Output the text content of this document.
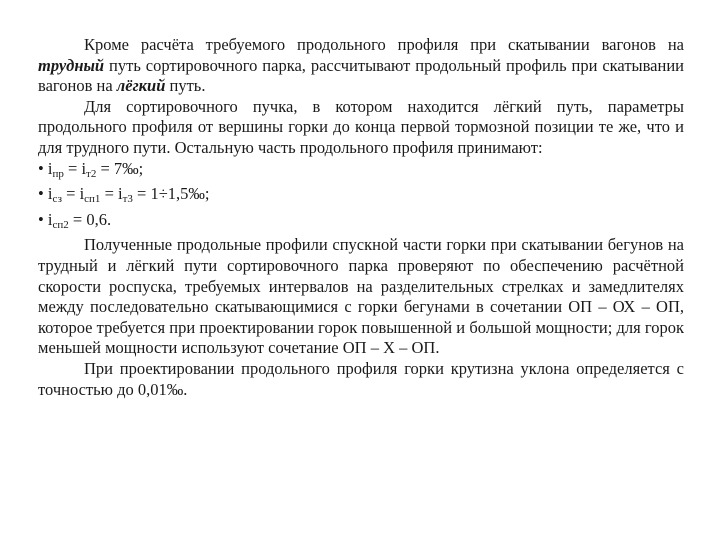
Кроме расчёта требуемого продольного профиля при скатывании вагонов на трудный путь сортировочного парка, рассчитывают продольный профиль при скатывании вагонов на лёгкий путь.

Для сортировочного пучка, в котором находится лёгкий путь, параметры продольного профиля от вершины горки до конца первой тормозной позиции те же, что и для трудного пути. Остальную часть продольного профиля принимают:

• $i_{пр} = i_{т2}$ = 7‰;

• $i_{сз} = i_{сп1} = i_{т3}$ = 1÷1,5‰;

• $i_{сп2} = 0,6$.

Полученные продольные профили спускной части горки при скатывании бегунов на трудный и лёгкий пути сортировочного парка проверяют по обеспечению расчётной скорости роспуска, требуемых интервалов на разделительных стрелках и замедлителях между последовательно скатывающимися с горки бегунами в сочетании ОП – ОХ – ОП, которое требуется при проектировании горок повышенной и большой мощности; для горок меньшей мощности используют сочетание ОП – Х – ОП.

При проектировании продольного профиля горки крутизна уклона определяется с точностью до 0,01‰.
